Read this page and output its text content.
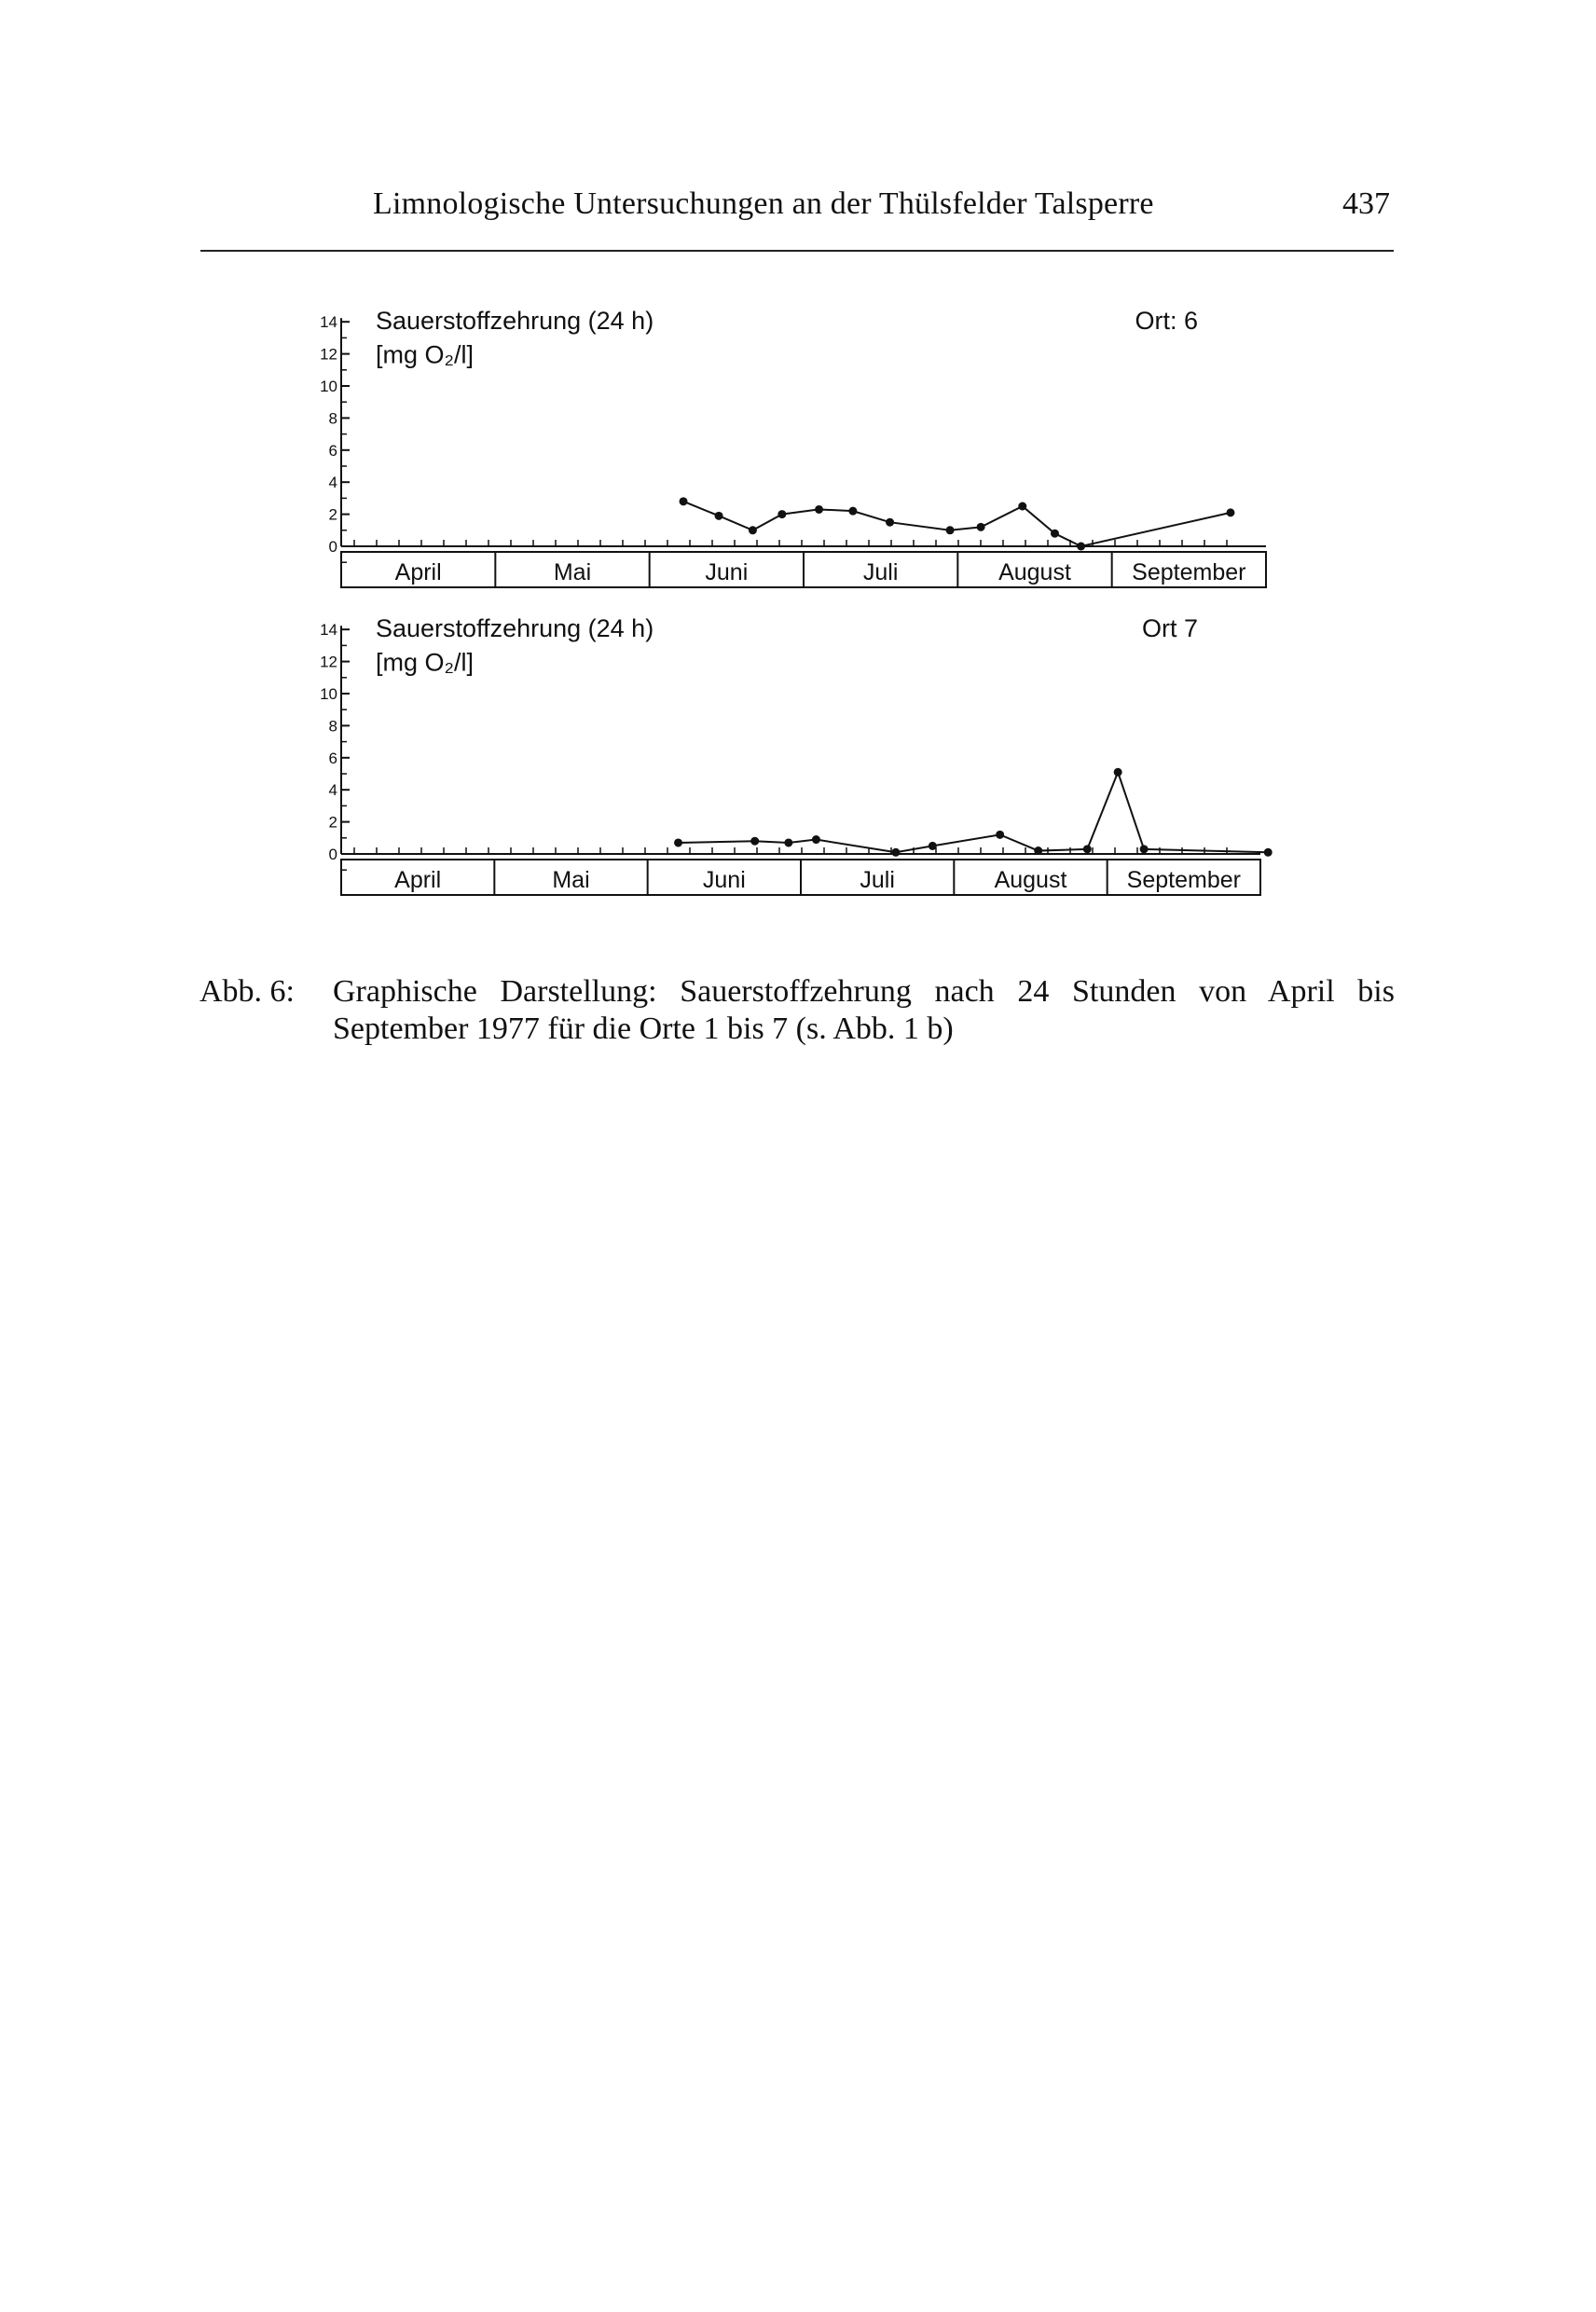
Limnologische Untersuchungen an der Thülsfelder Talsperre	437
0
2
4
6
8
10
12
14
April	Mai	Juni	Juli	August	September
Sauerstoffzehrung (24 h)
[mg O₂/l]
Ort: 6
0
2
4
6
8
10
12
14
April	Mai	Juni	Juli	August	September
Sauerstoffzehrung (24 h)
[mg O₂/l]
Ort 7
Abb. 6: Graphische Darstellung: Sauerstoffzehrung nach 24 Stunden von April bis September 1977 für die Orte 1 bis 7 (s. Abb. 1 b)
